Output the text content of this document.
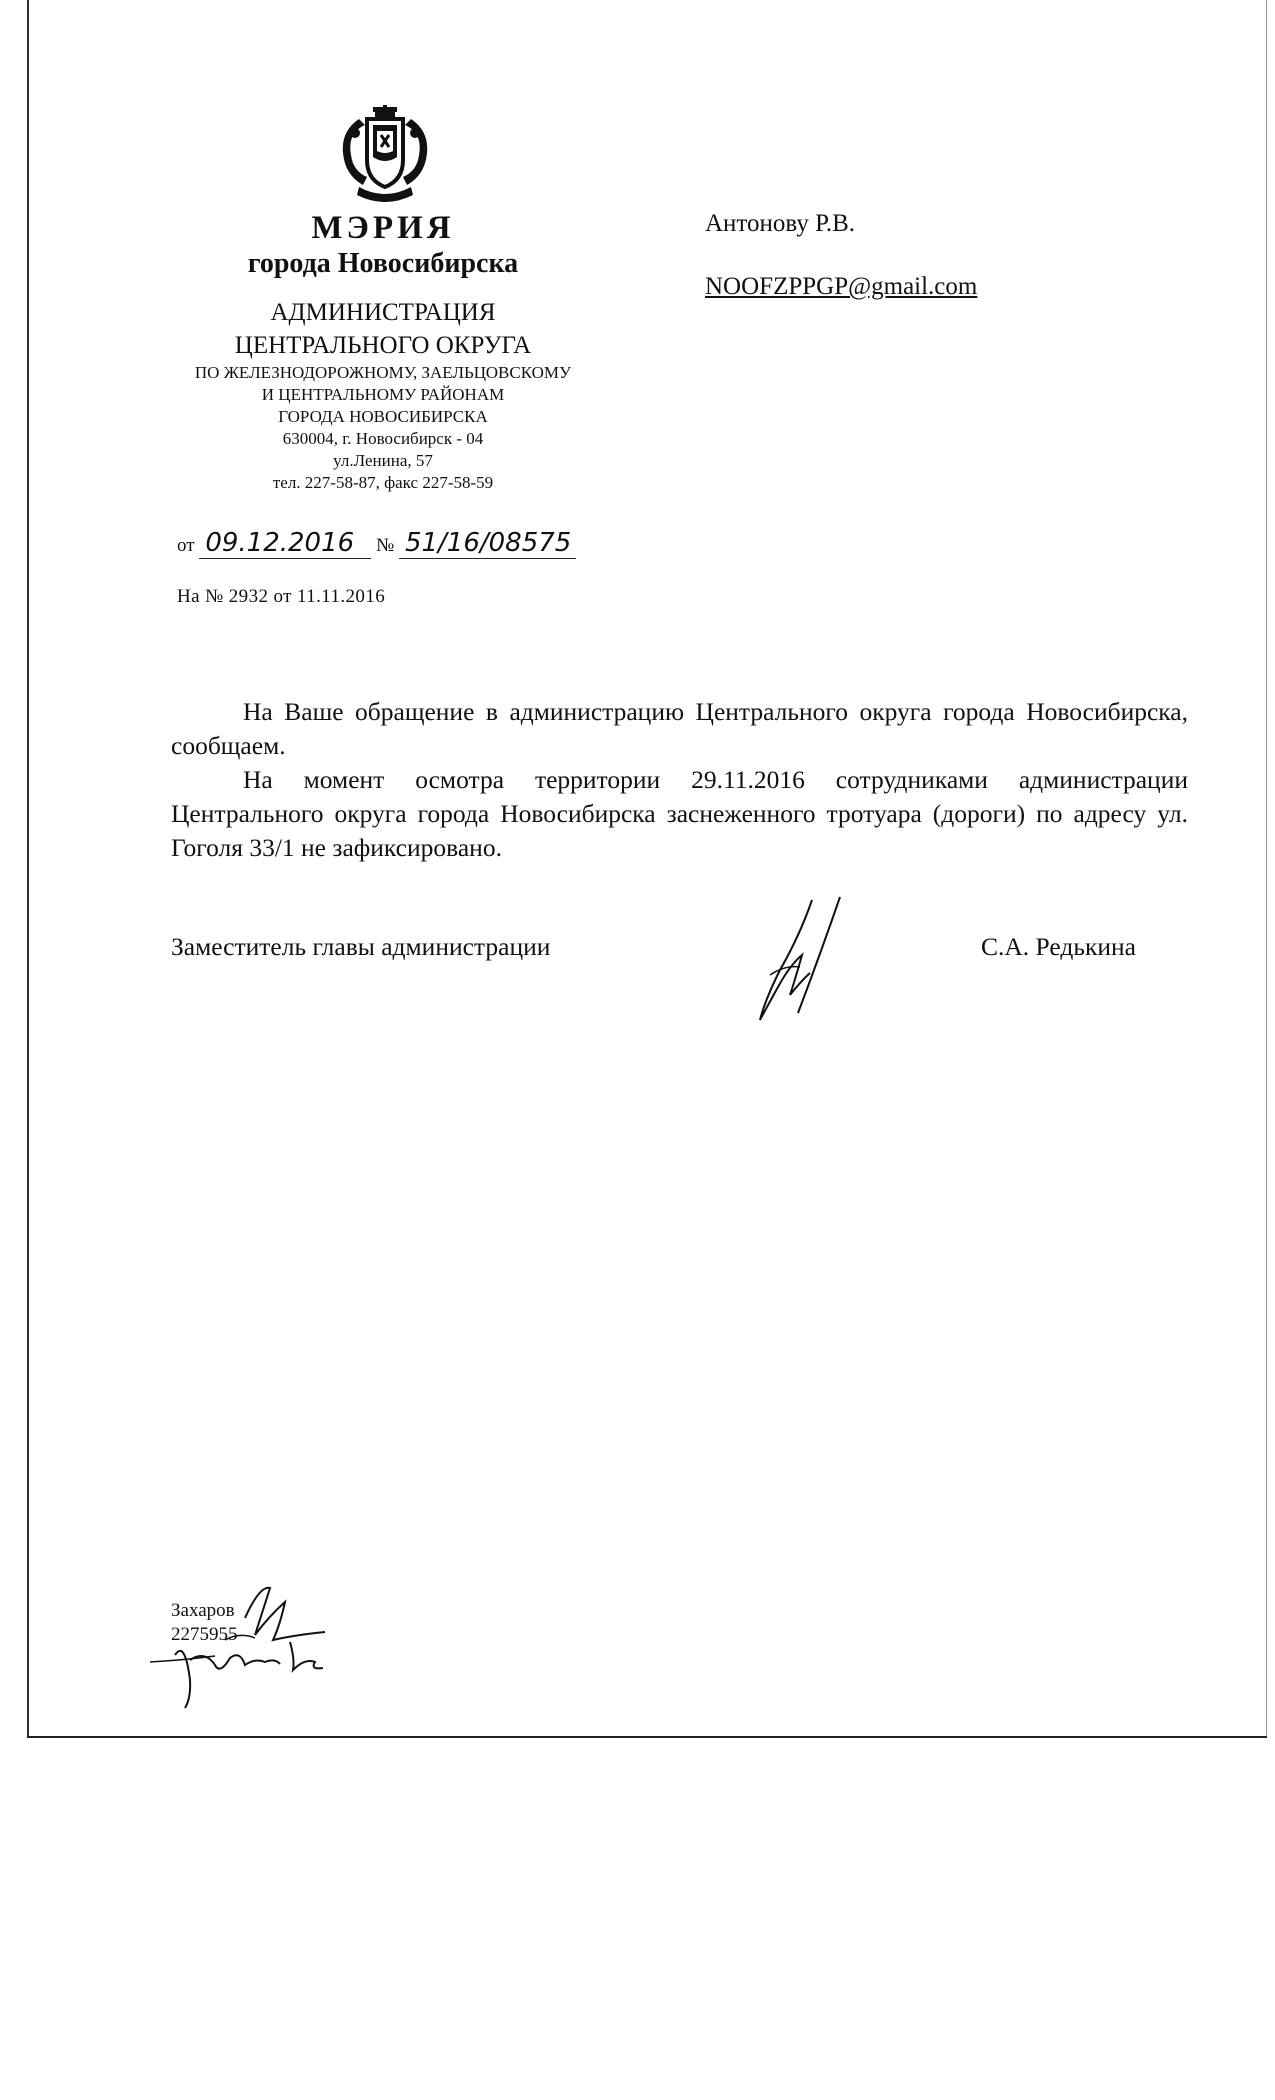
МЭРИЯ
города Новосибирска
АДМИНИСТРАЦИЯ
ЦЕНТРАЛЬНОГО ОКРУГА
ПО ЖЕЛЕЗНОДОРОЖНОМУ, ЗАЕЛЬЦОВСКОМУ
И ЦЕНТРАЛЬНОМУ РАЙОНАМ
ГОРОДА НОВОСИБИРСКА
630004, г. Новосибирск - 04
ул.Ленина, 57
тел. 227-58-87, факс 227-58-59
от 09.12.2016 № 51/16/08575
На № 2932 от 11.11.2016
Антонову Р.В.
NOOFZPPGP@gmail.com

На Ваше обращение в администрацию Центрального округа города Новосибирска, сообщаем.

На момент осмотра территории 29.11.2016 сотрудниками администрации Центрального округа города Новосибирска заснеженного тротуара (дороги) по адресу ул. Гоголя 33/1 не зафиксировано.

Заместитель главы администрации	С.А. Редькина
Захаров
2275955
